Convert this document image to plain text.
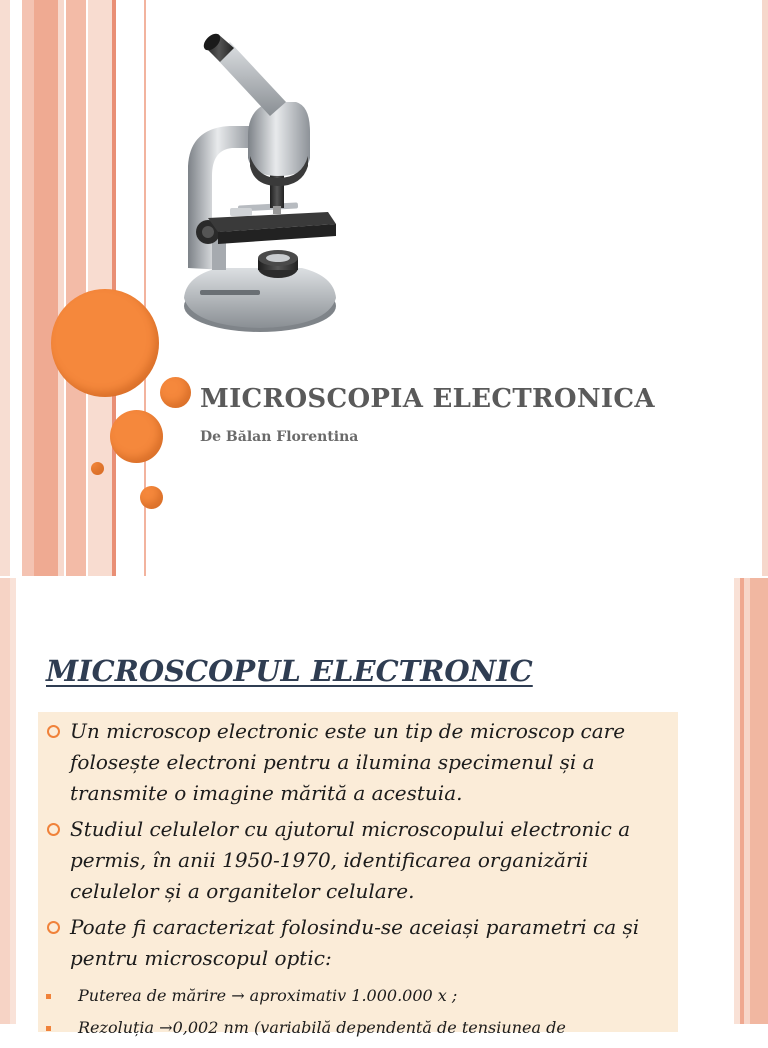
MICROSCOPIA ELECTRONICA
De Bălan Florentina
MICROSCOPUL ELECTRONIC
Un microscop electronic este un tip de microscop care folosește electroni pentru a ilumina specimenul și a transmite o imagine mărită a acestuia.
Studiul celulelor cu ajutorul microscopului electronic a permis, în anii 1950-1970, identificarea organizării celulelor și a organitelor celulare.
Poate fi caracterizat folosindu-se aceiași parametri ca și pentru microscopul optic:
Puterea de mărire → aproximativ 1.000.000 x ;
Rezoluția →0,002 nm (variabilă dependentă de tensiunea de
